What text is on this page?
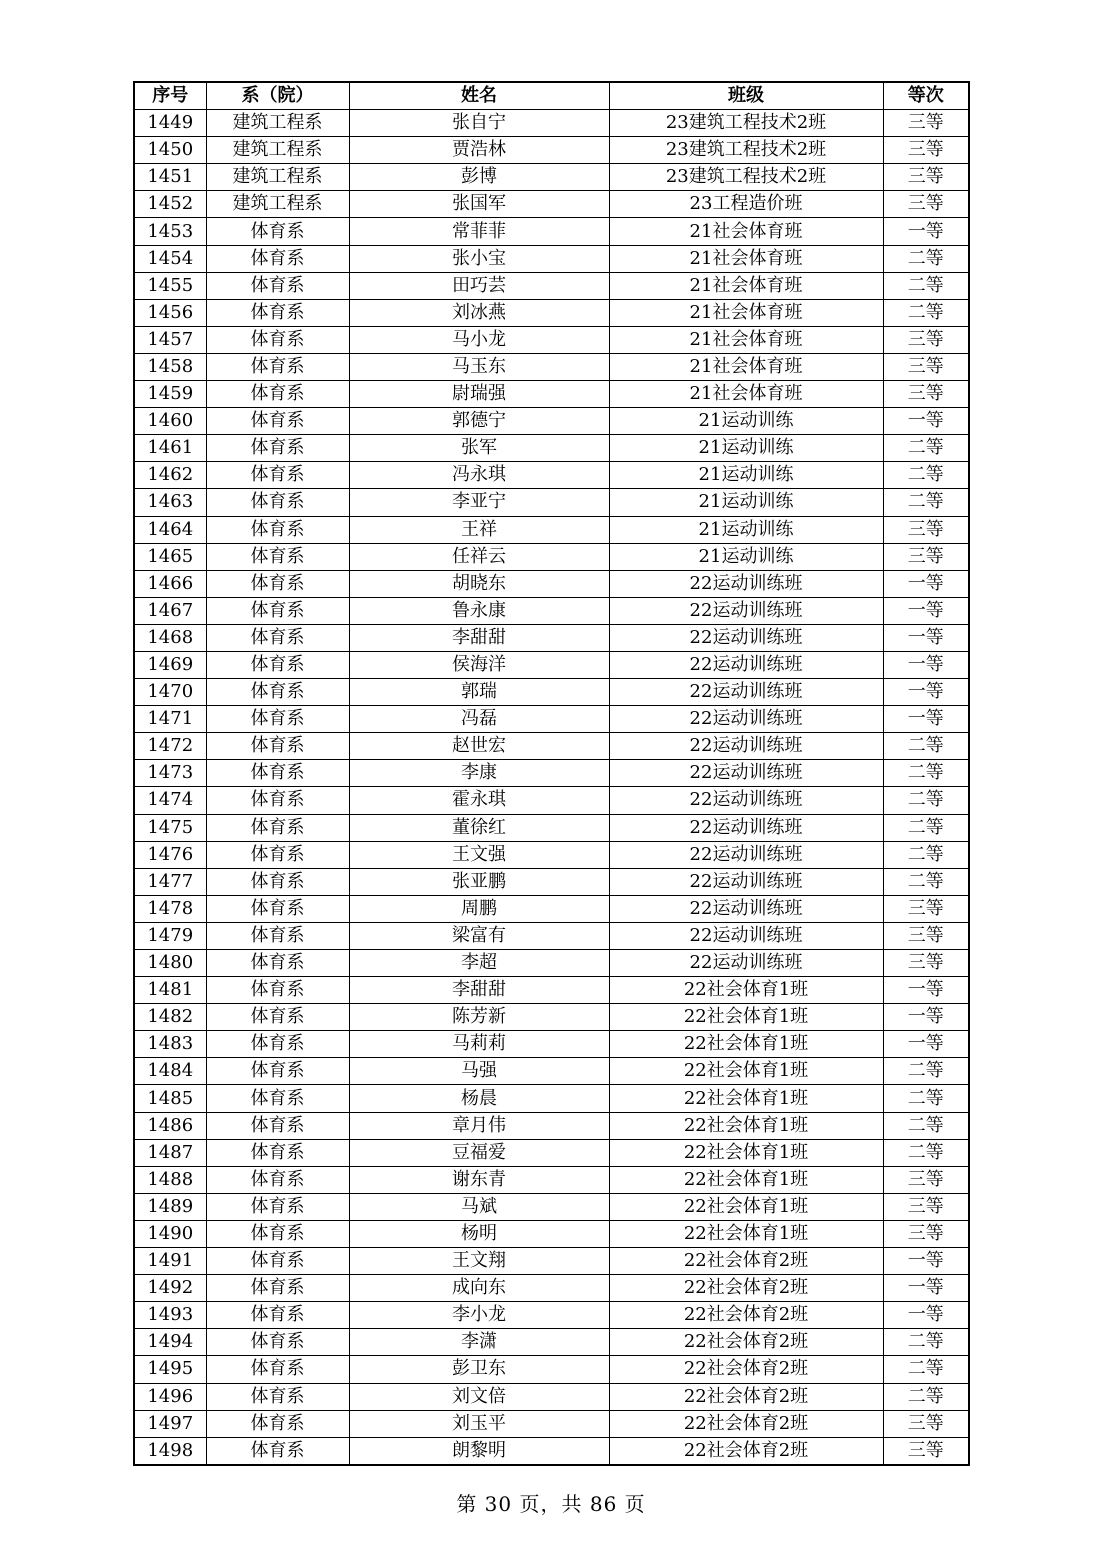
序号	系（院）	姓名	班级	等次
1449	建筑工程系	张自宁	23建筑工程技术2班	三等
1450	建筑工程系	贾浩林	23建筑工程技术2班	三等
1451	建筑工程系	彭博	23建筑工程技术2班	三等
1452	建筑工程系	张国军	23工程造价班	三等
1453	体育系	常菲菲	21社会体育班	一等
1454	体育系	张小宝	21社会体育班	二等
1455	体育系	田巧芸	21社会体育班	二等
1456	体育系	刘冰燕	21社会体育班	二等
1457	体育系	马小龙	21社会体育班	三等
1458	体育系	马玉东	21社会体育班	三等
1459	体育系	尉瑞强	21社会体育班	三等
1460	体育系	郭德宁	21运动训练	一等
1461	体育系	张军	21运动训练	二等
1462	体育系	冯永琪	21运动训练	二等
1463	体育系	李亚宁	21运动训练	二等
1464	体育系	王祥	21运动训练	三等
1465	体育系	任祥云	21运动训练	三等
1466	体育系	胡晓东	22运动训练班	一等
1467	体育系	鲁永康	22运动训练班	一等
1468	体育系	李甜甜	22运动训练班	一等
1469	体育系	侯海洋	22运动训练班	一等
1470	体育系	郭瑞	22运动训练班	一等
1471	体育系	冯磊	22运动训练班	一等
1472	体育系	赵世宏	22运动训练班	二等
1473	体育系	李康	22运动训练班	二等
1474	体育系	霍永琪	22运动训练班	二等
1475	体育系	董徐红	22运动训练班	二等
1476	体育系	王文强	22运动训练班	二等
1477	体育系	张亚鹏	22运动训练班	二等
1478	体育系	周鹏	22运动训练班	三等
1479	体育系	梁富有	22运动训练班	三等
1480	体育系	李超	22运动训练班	三等
1481	体育系	李甜甜	22社会体育1班	一等
1482	体育系	陈芳新	22社会体育1班	一等
1483	体育系	马莉莉	22社会体育1班	一等
1484	体育系	马强	22社会体育1班	二等
1485	体育系	杨晨	22社会体育1班	二等
1486	体育系	章月伟	22社会体育1班	二等
1487	体育系	豆福爱	22社会体育1班	二等
1488	体育系	谢东青	22社会体育1班	三等
1489	体育系	马斌	22社会体育1班	三等
1490	体育系	杨明	22社会体育1班	三等
1491	体育系	王文翔	22社会体育2班	一等
1492	体育系	成向东	22社会体育2班	一等
1493	体育系	李小龙	22社会体育2班	一等
1494	体育系	李潇	22社会体育2班	二等
1495	体育系	彭卫东	22社会体育2班	二等
1496	体育系	刘文倍	22社会体育2班	二等
1497	体育系	刘玉平	22社会体育2班	三等
1498	体育系	朗黎明	22社会体育2班	三等
第 30 页，共 86 页
